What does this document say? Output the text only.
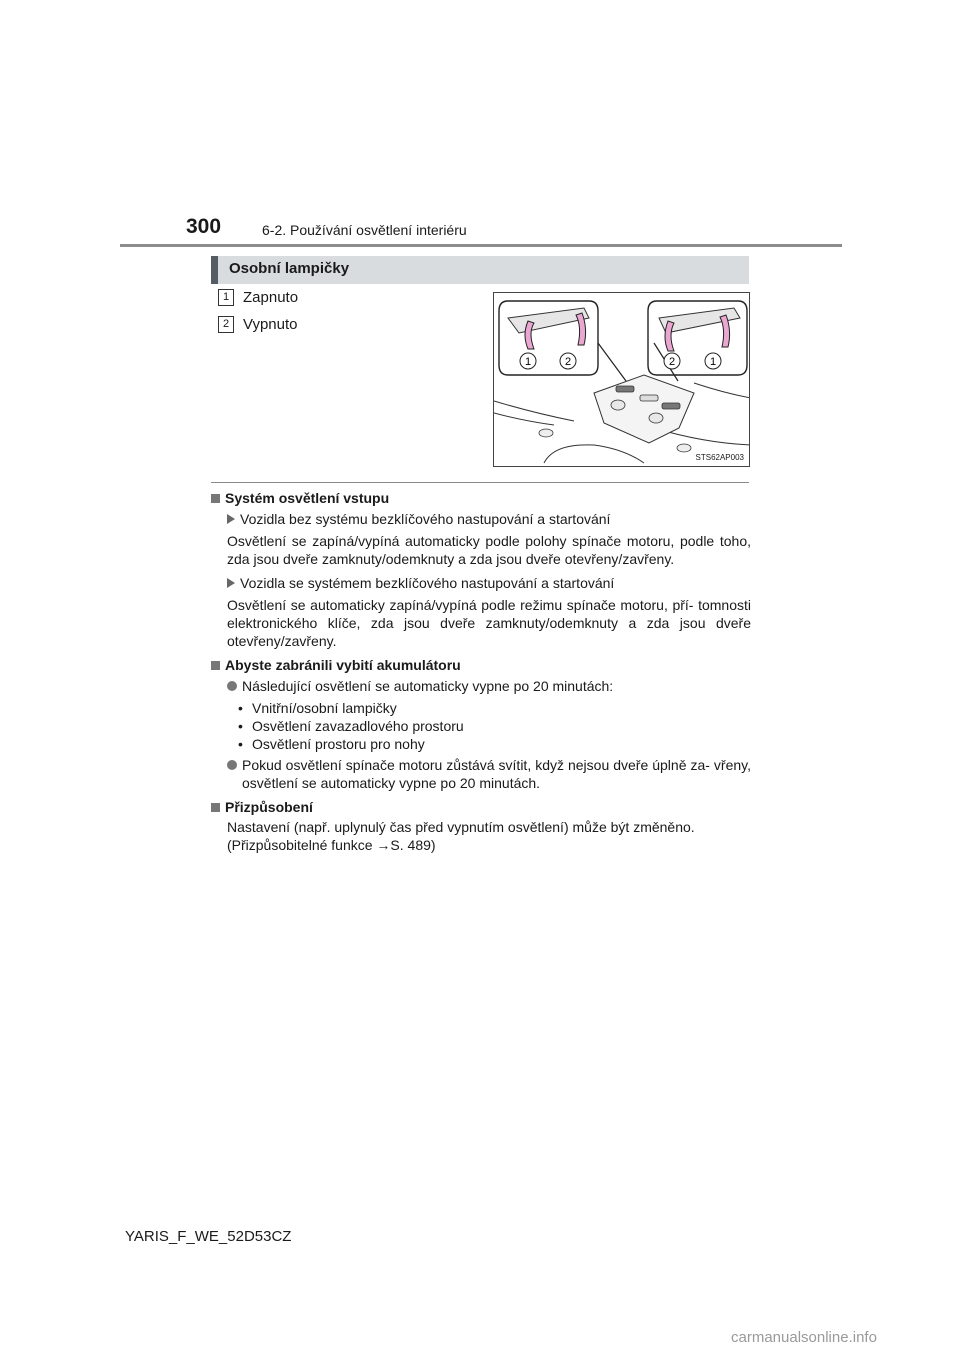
300	6-2. Používání osvětlení interiéru
Osobní lampičky
1 Zapnuto
2 Vypnuto
1	2	2	1
STS62AP003
Systém osvětlení vstupu
Vozidla bez systému bezklíčového nastupování a startování
Osvětlení se zapíná/vypíná automaticky podle polohy spínače motoru, podle toho, zda jsou dveře zamknuty/odemknuty a zda jsou dveře otevřeny/zavřeny.
Vozidla se systémem bezklíčového nastupování a startování
Osvětlení se automaticky zapíná/vypíná podle režimu spínače motoru, pří- tomnosti elektronického klíče, zda jsou dveře zamknuty/odemknuty a zda jsou dveře otevřeny/zavřeny.
Abyste zabránili vybití akumulátoru
Následující osvětlení se automaticky vypne po 20 minutách:
• Vnitřní/osobní lampičky
• Osvětlení zavazadlového prostoru
• Osvětlení prostoru pro nohy
Pokud osvětlení spínače motoru zůstává svítit, když nejsou dveře úplně za- vřeny, osvětlení se automaticky vypne po 20 minutách.
Přizpůsobení
Nastavení (např. uplynulý čas před vypnutím osvětlení) může být změněno.
(Přizpůsobitelné funkce →S. 489)
YARIS_F_WE_52D53CZ
carmanualsonline.info
